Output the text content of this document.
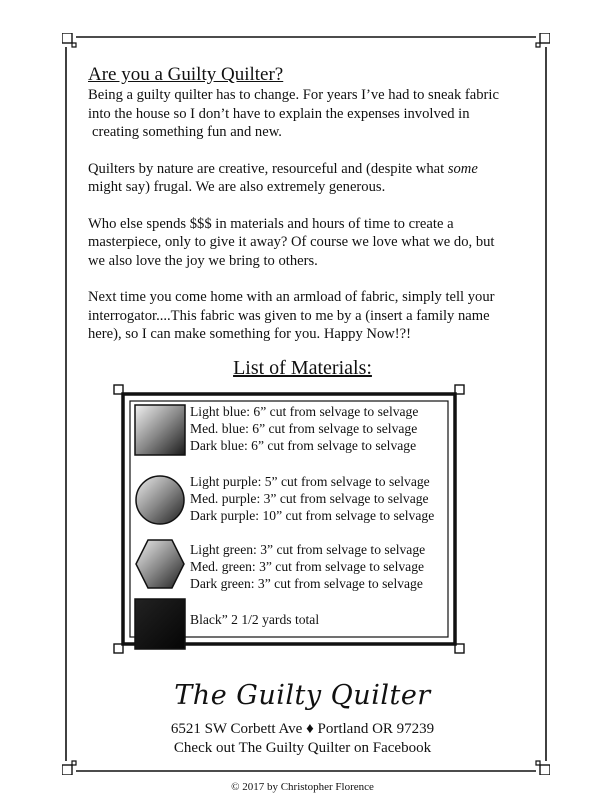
Are you a Guilty Quilter?

Being a guilty quilter has to change. For years I’ve had to sneak fabric
into the house so I don’t have to explain the expenses involved in
creating something fun and new.

Quilters by nature are creative, resourceful and (despite what some
might say) frugal. We are also extremely generous.

Who else spends $$$ in materials and hours of time to create a
masterpiece, only to give it away? Of course we love what we do, but
we also love the joy we bring to others.

Next time you come home with an armload of fabric, simply tell your
interrogator....This fabric was given to me by a (insert a family name
here), so I can make something for you. Happy Now!?!

List of Materials:
Light blue: 6” cut from selvage to selvage
Med. blue: 6” cut from selvage to selvage
Dark blue: 6” cut from selvage to selvage
Light purple: 5” cut from selvage to selvage
Med. purple: 3” cut from selvage to selvage
Dark purple: 10” cut from selvage to selvage
Light green: 3” cut from selvage to selvage
Med. green: 3” cut from selvage to selvage
Dark green: 3” cut from selvage to selvage
Black” 2 1/2 yards total
The Guilty Quilter
6521 SW Corbett Ave ♦ Portland OR 97239
Check out The Guilty Quilter on Facebook
© 2017 by Christopher Florence
